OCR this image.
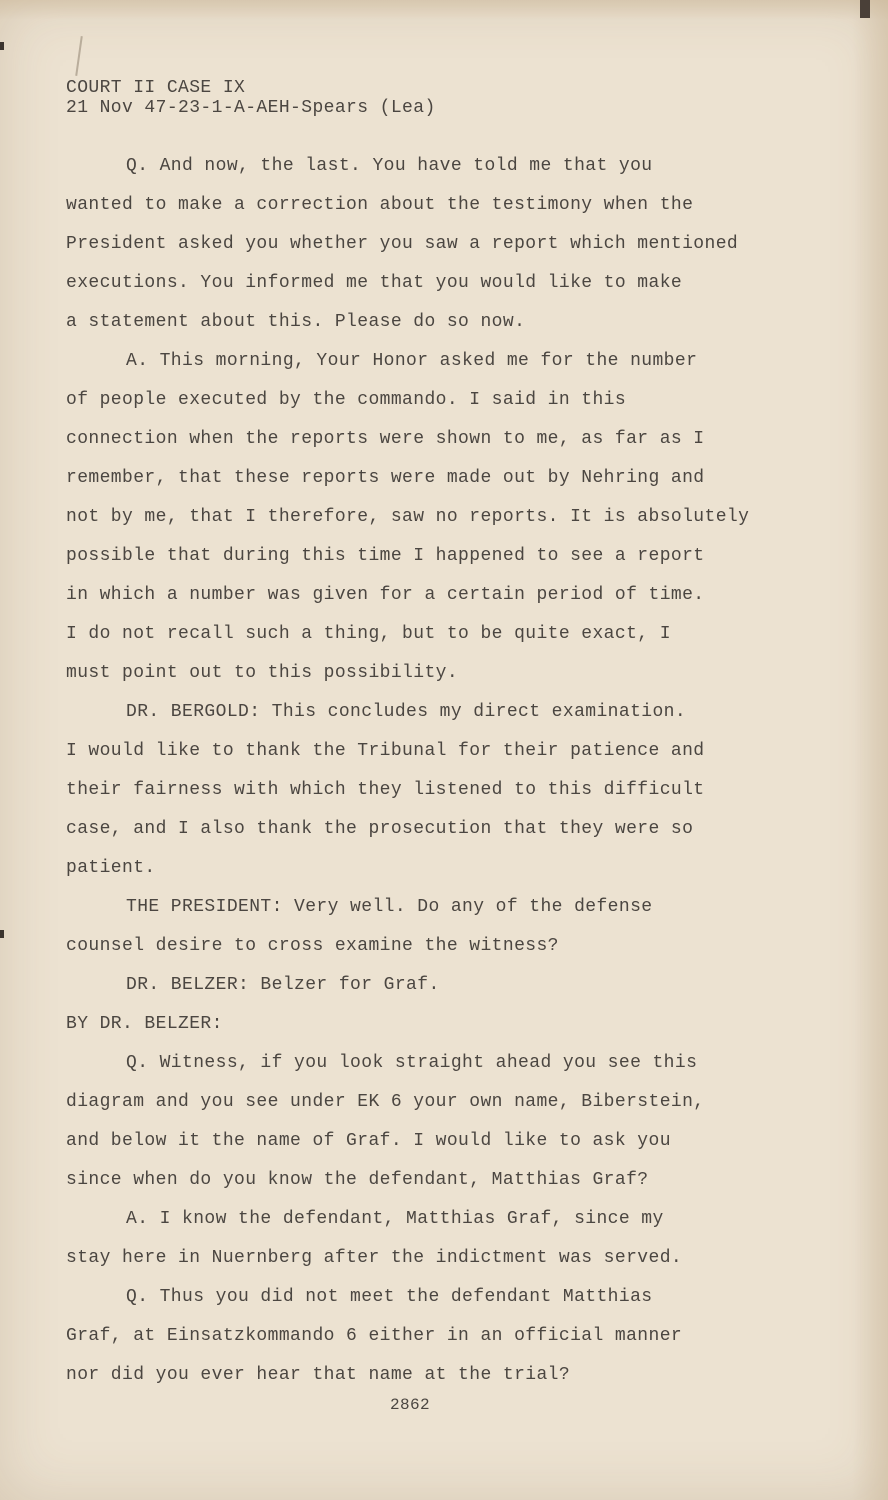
COURT II CASE IX
21 Nov 47-23-1-A-AEH-Spears (Lea)
Q. And now, the last. You have told me that you
wanted to make a correction about the testimony when the
President asked you whether you saw a report which mentioned
executions. You informed me that you would like to make
a statement about this. Please do so now.
A. This morning, Your Honor asked me for the number
of people executed by the commando. I said in this
connection when the reports were shown to me, as far as I
remember, that these reports were made out by Nehring and
not by me, that I therefore, saw no reports. It is absolutely
possible that during this time I happened to see a report
in which a number was given for a certain period of time.
I do not recall such a thing, but to be quite exact, I
must point out to this possibility.
DR. BERGOLD: This concludes my direct examination.
I would like to thank the Tribunal for their patience and
their fairness with which they listened to this difficult
case, and I also thank the prosecution that they were so
patient.
THE PRESIDENT: Very well. Do any of the defense
counsel desire to cross examine the witness?
DR. BELZER: Belzer for Graf.
BY DR. BELZER:
Q. Witness, if you look straight ahead you see this
diagram and you see under EK 6 your own name, Biberstein,
and below it the name of Graf. I would like to ask you
since when do you know the defendant, Matthias Graf?
A. I know the defendant, Matthias Graf, since my
stay here in Nuernberg after the indictment was served.
Q. Thus you did not meet the defendant Matthias
Graf, at Einsatzkommando 6 either in an official manner
nor did you ever hear that name at the trial?
2862
